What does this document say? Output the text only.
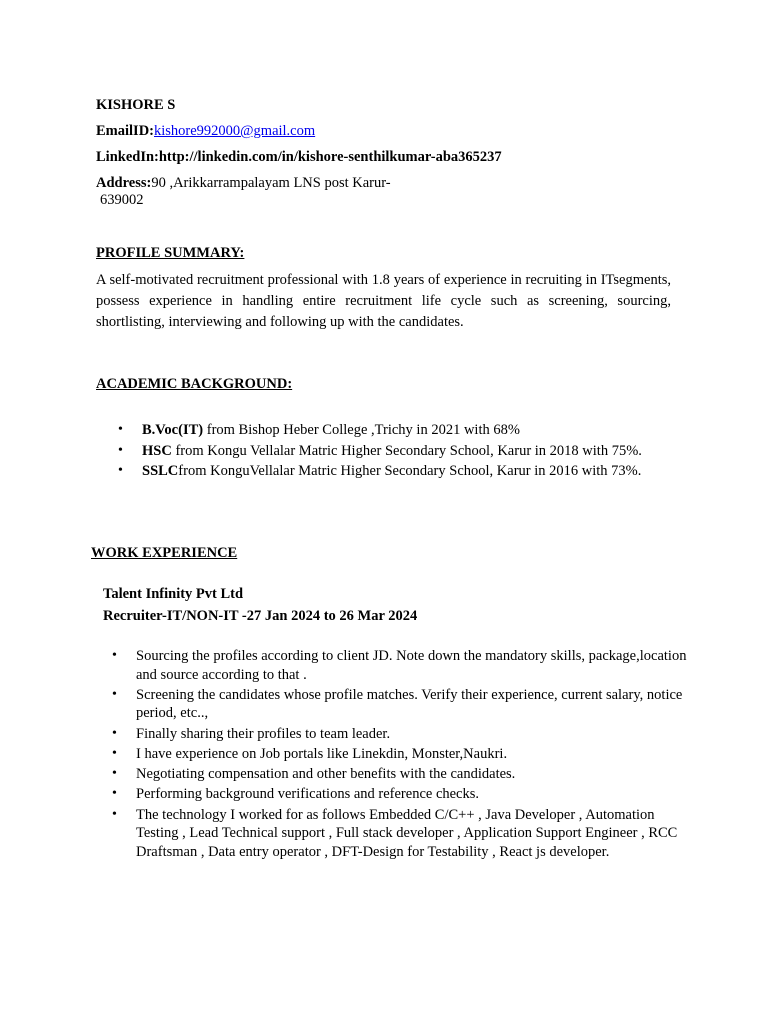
KISHORE S
EmailID:kishore992000@gmail.com
LinkedIn:http://linkedin.com/in/kishore-senthilkumar-aba365237
Address:90 ,Arikkarrampalayam LNS post Karur-
639002
PROFILE SUMMARY:
A self-motivated recruitment professional with 1.8 years of experience in recruiting in ITsegments, possess experience in handling entire recruitment life cycle such as screening, sourcing, shortlisting, interviewing and following up with the candidates.
ACADEMIC BACKGROUND:
• B.Voc(IT) from Bishop Heber College ,Trichy in 2021 with 68%
• HSC from Kongu Vellalar Matric Higher Secondary School, Karur in 2018 with 75%.
• SSLCfrom KonguVellalar Matric Higher Secondary School, Karur in 2016 with 73%.
WORK EXPERIENCE
Talent Infinity Pvt Ltd
Recruiter-IT/NON-IT -27 Jan 2024 to 26 Mar 2024
• Sourcing the profiles according to client JD. Note down the mandatory skills, package,location and source according to that .
• Screening the candidates whose profile matches. Verify their experience, current salary, notice period, etc..,
• Finally sharing their profiles to team leader.
• I have experience on Job portals like Linekdin, Monster,Naukri.
• Negotiating compensation and other benefits with the candidates.
• Performing background verifications and reference checks.
• The technology I worked for as follows Embedded C/C++ , Java Developer , Automation Testing , Lead Technical support , Full stack developer , Application Support Engineer , RCC Draftsman , Data entry operator , DFT-Design for Testability , React js developer.
